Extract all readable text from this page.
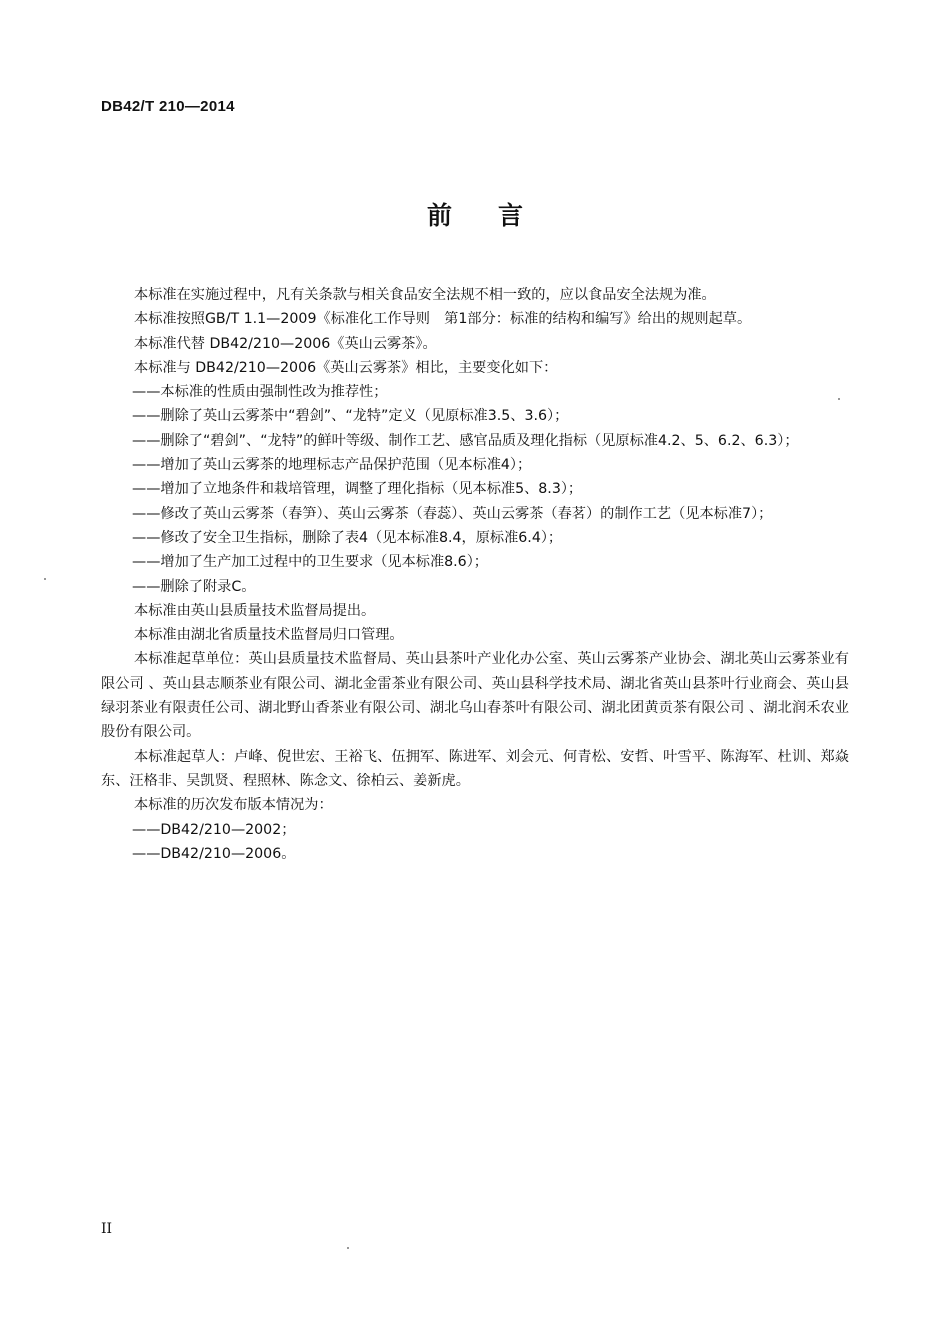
DB42/T 210—2014
前言

本标准在实施过程中，凡有关条款与相关食品安全法规不相一致的，应以食品安全法规为准。

本标准按照GB/T 1.1—2009《标准化工作导则　第1部分：标准的结构和编写》给出的规则起草。

本标准代替 DB42/210—2006《英山云雾茶》。

本标准与 DB42/210—2006《英山云雾茶》相比，主要变化如下：

——本标准的性质由强制性改为推荐性；

——删除了英山云雾茶中“碧剑”、“龙特”定义（见原标准3.5、3.6）；

——删除了“碧剑”、“龙特”的鲜叶等级、制作工艺、感官品质及理化指标（见原标准4.2、5、6.2、6.3）；

——增加了英山云雾茶的地理标志产品保护范围（见本标准4）；

——增加了立地条件和栽培管理，调整了理化指标（见本标准5、8.3）；

——修改了英山云雾茶（春笋）、英山云雾茶（春蕊）、英山云雾茶（春茗）的制作工艺（见本标准7）；

——修改了安全卫生指标，删除了表4（见本标准8.4，原标准6.4）；

——增加了生产加工过程中的卫生要求（见本标准8.6）；

——删除了附录C。

本标准由英山县质量技术监督局提出。

本标准由湖北省质量技术监督局归口管理。

本标准起草单位：英山县质量技术监督局、英山县茶叶产业化办公室、英山云雾茶产业协会、湖北英山云雾茶业有限公司 、英山县志顺茶业有限公司、湖北金雷茶业有限公司、英山县科学技术局、湖北省英山县茶叶行业商会、英山县绿羽茶业有限责任公司、湖北野山香茶业有限公司、湖北乌山春茶叶有限公司、湖北团黄贡茶有限公司 、湖北润禾农业股份有限公司。

本标准起草人：卢峰、倪世宏、王裕飞、伍拥军、陈进军、刘会元、何青松、安哲、叶雪平、陈海军、杜训、郑焱东、汪格非、吴凯贤、程照林、陈念文、徐柏云、姜新虎。

本标准的历次发布版本情况为：

——DB42/210—2002；

——DB42/210—2006。

II
